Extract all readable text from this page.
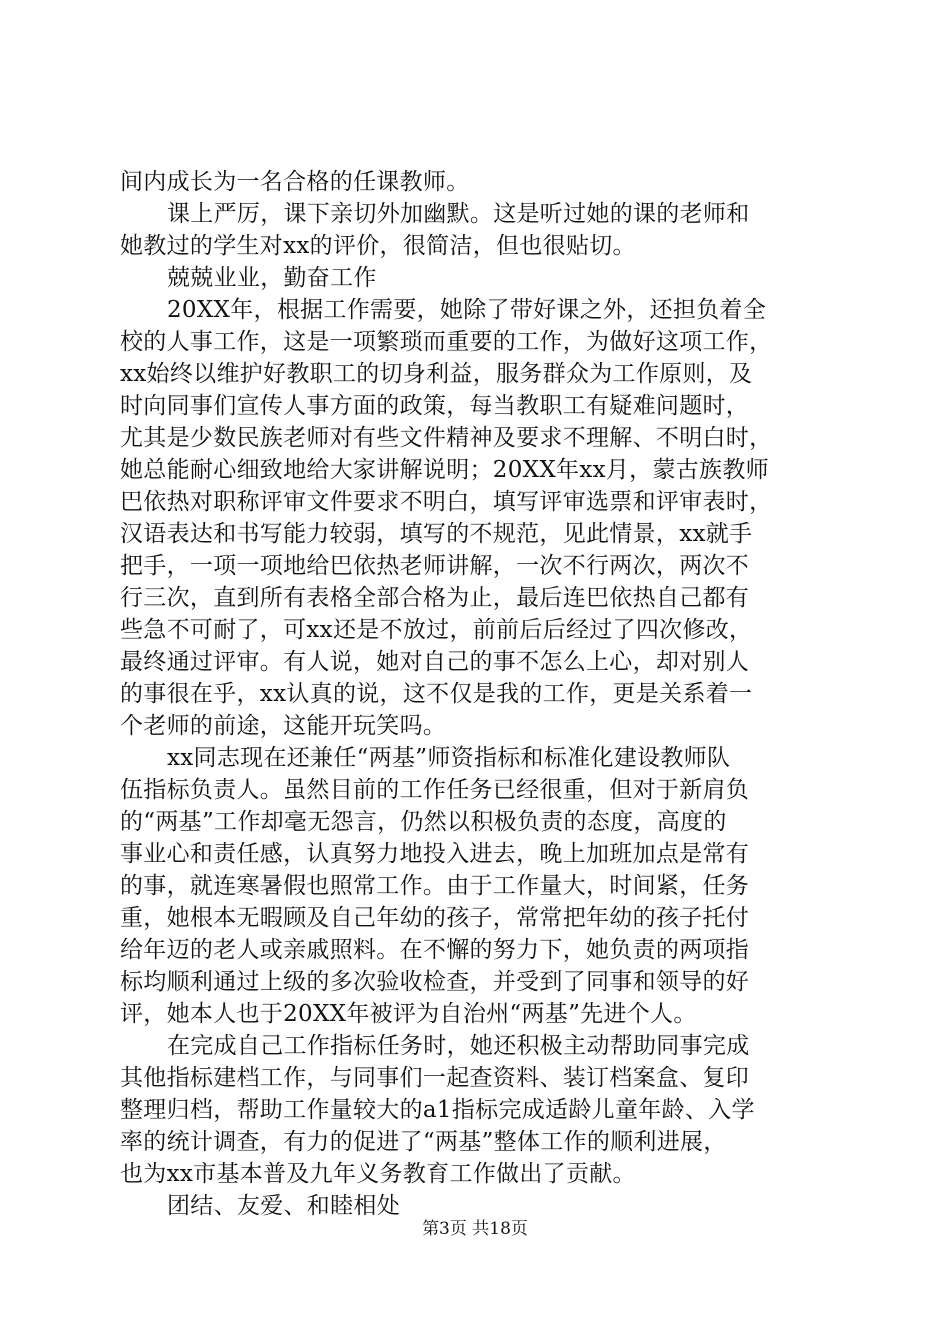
间内成长为一名合格的任课教师。
课上严厉，课下亲切外加幽默。这是听过她的课的老师和
她教过的学生对xx的评价，很简洁，但也很贴切。
兢兢业业，勤奋工作
20XX年，根据工作需要，她除了带好课之外，还担负着全
校的人事工作，这是一项繁琐而重要的工作，为做好这项工作，
xx始终以维护好教职工的切身利益，服务群众为工作原则，及
时向同事们宣传人事方面的政策，每当教职工有疑难问题时，
尤其是少数民族老师对有些文件精神及要求不理解、不明白时，
她总能耐心细致地给大家讲解说明；20XX年xx月，蒙古族教师
巴依热对职称评审文件要求不明白，填写评审选票和评审表时，
汉语表达和书写能力较弱，填写的不规范，见此情景，xx就手
把手，一项一项地给巴依热老师讲解，一次不行两次，两次不
行三次，直到所有表格全部合格为止，最后连巴依热自己都有
些急不可耐了，可xx还是不放过，前前后后经过了四次修改，
最终通过评审。有人说，她对自己的事不怎么上心，却对别人
的事很在乎，xx认真的说，这不仅是我的工作，更是关系着一
个老师的前途，这能开玩笑吗。
xx同志现在还兼任“两基”师资指标和标准化建设教师队
伍指标负责人。虽然目前的工作任务已经很重，但对于新肩负
的“两基”工作却毫无怨言，仍然以积极负责的态度，高度的
事业心和责任感，认真努力地投入进去，晚上加班加点是常有
的事，就连寒暑假也照常工作。由于工作量大，时间紧，任务
重，她根本无暇顾及自己年幼的孩子，常常把年幼的孩子托付
给年迈的老人或亲戚照料。在不懈的努力下，她负责的两项指
标均顺利通过上级的多次验收检查，并受到了同事和领导的好
评，她本人也于20XX年被评为自治州“两基”先进个人。
在完成自己工作指标任务时，她还积极主动帮助同事完成
其他指标建档工作，与同事们一起查资料、装订档案盒、复印
整理归档，帮助工作量较大的a1指标完成适龄儿童年龄、入学
率的统计调查，有力的促进了“两基”整体工作的顺利进展，
也为xx市基本普及九年义务教育工作做出了贡献。
团结、友爱、和睦相处
第3页 共18页
